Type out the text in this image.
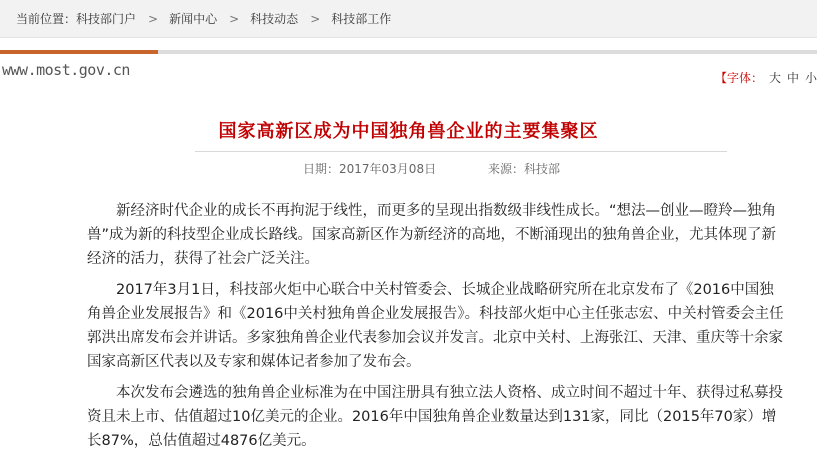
当前位置： 科技部门户 > 新闻中心 > 科技动态 > 科技部工作
www.most.gov.cn	【字体： 大 中 小
国家高新区成为中国独角兽企业的主要集聚区
日期：2017年03月08日	来源：科技部

新经济时代企业的成长不再拘泥于线性，而更多的呈现出指数级非线性成长。“想法—创业—瞪羚—独角兽”成为新的科技型企业成长路线。国家高新区作为新经济的高地，不断涌现出的独角兽企业，尤其体现了新经济的活力，获得了社会广泛关注。

2017年3月1日，科技部火炬中心联合中关村管委会、长城企业战略研究所在北京发布了《2016中国独角兽企业发展报告》和《2016中关村独角兽企业发展报告》。科技部火炬中心主任张志宏、中关村管委会主任郭洪出席发布会并讲话。多家独角兽企业代表参加会议并发言。北京中关村、上海张江、天津、重庆等十余家国家高新区代表以及专家和媒体记者参加了发布会。

本次发布会遴选的独角兽企业标准为在中国注册具有独立法人资格、成立时间不超过十年、获得过私募投资且未上市、估值超过10亿美元的企业。2016年中国独角兽企业数量达到131家，同比（2015年70家）增长87%，总估值超过4876亿美元。
